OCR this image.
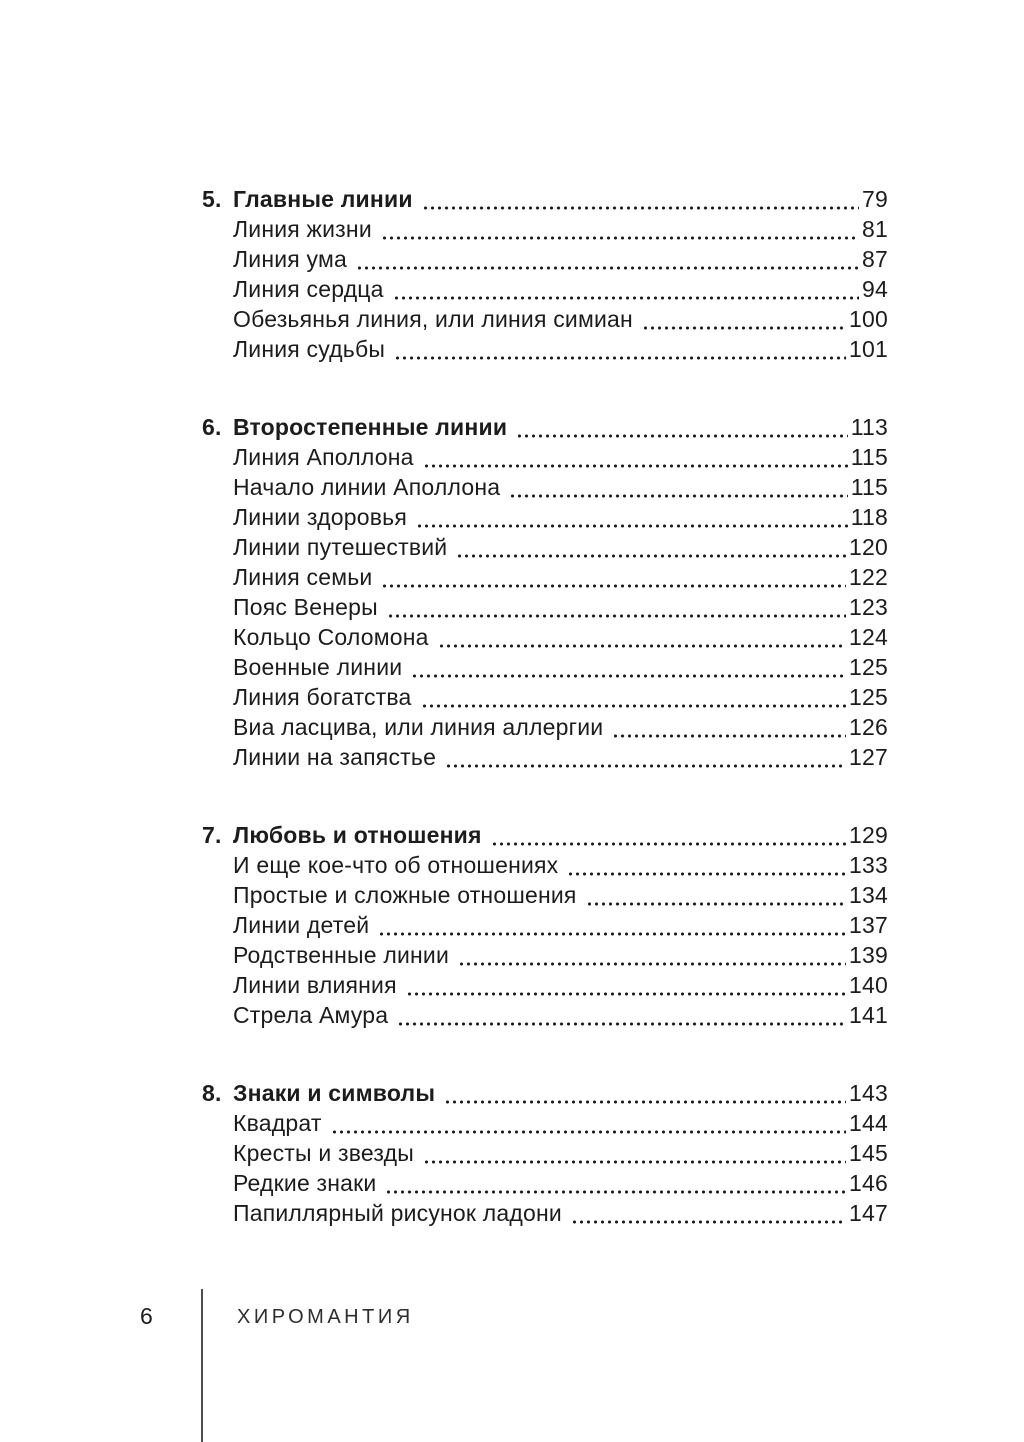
5. Главные линии	79
Линия жизни	81
Линия ума	87
Линия сердца	94
Обезьянья линия, или линия симиан	100
Линия судьбы	101
6. Второстепенные линии	113
Линия Аполлона	115
Начало линии Аполлона	115
Линии здоровья	118
Линии путешествий	120
Линия семьи	122
Пояс Венеры	123
Кольцо Соломона	124
Военные линии	125
Линия богатства	125
Виа ласцива, или линия аллергии	126
Линии на запястье	127
7. Любовь и отношения	129
И еще кое-что об отношениях	133
Простые и сложные отношения	134
Линии детей	137
Родственные линии	139
Линии влияния	140
Стрела Амура	141
8. Знаки и символы	143
Квадрат	144
Кресты и звезды	145
Редкие знаки	146
Папиллярный рисунок ладони	147
6	ХИРОМАНТИЯ
